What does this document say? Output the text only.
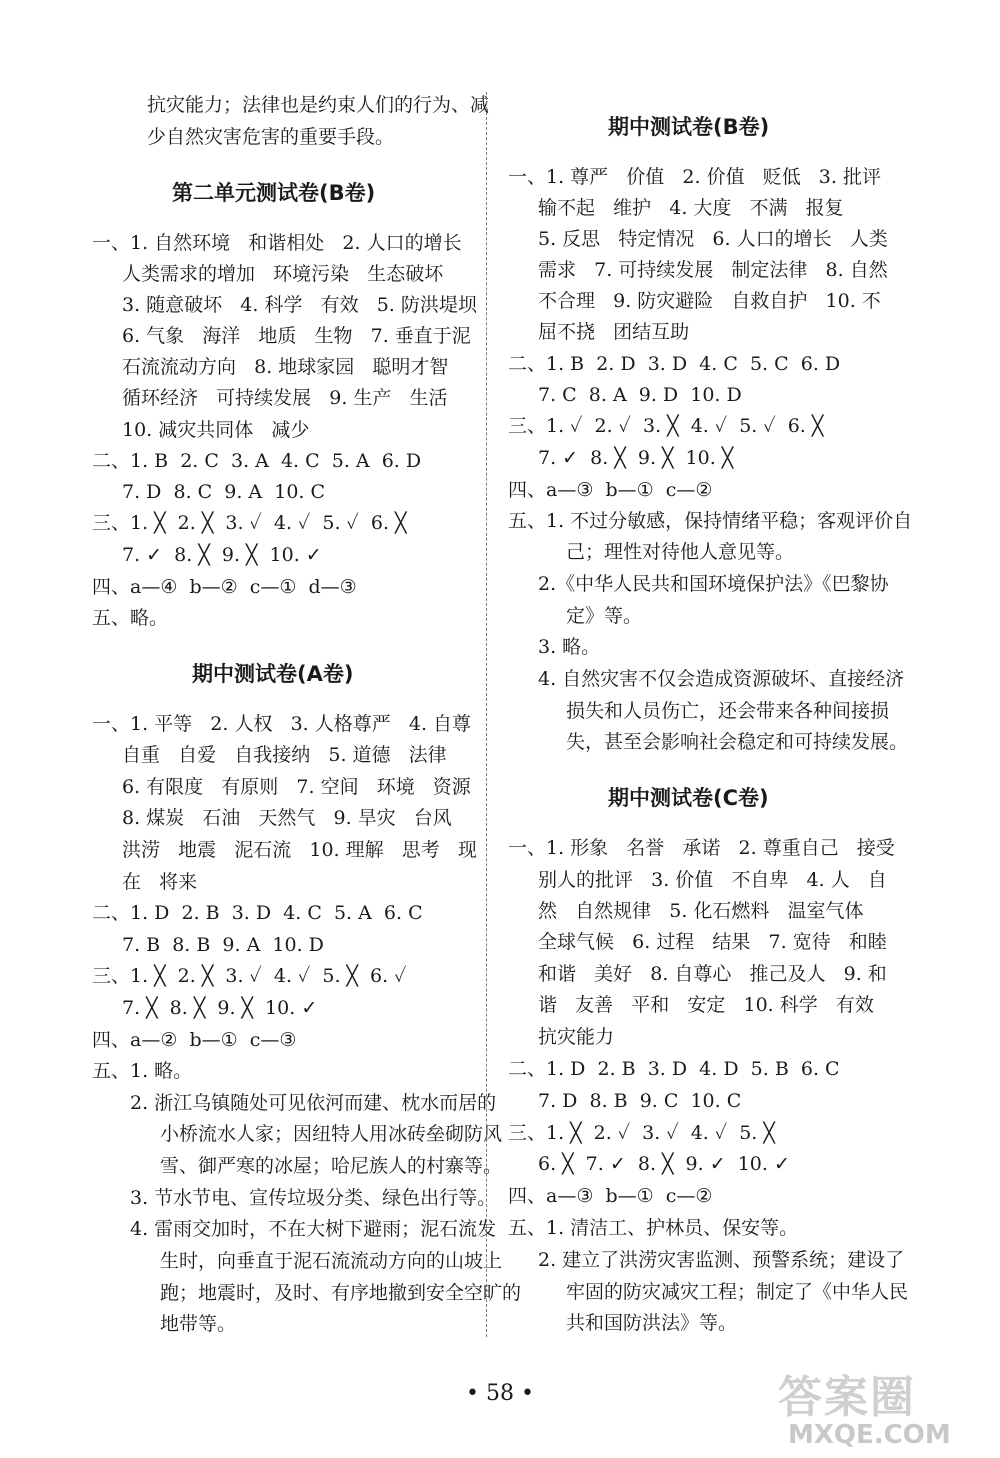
抗灾能力；法律也是约束人们的行为、减
少自然灾害危害的重要手段。
第二单元测试卷(B卷)
一、1. 自然环境   和谐相处   2. 人口的增长
人类需求的增加   环境污染   生态破坏
3. 随意破坏   4. 科学   有效   5. 防洪堤坝
6. 气象   海洋   地质   生物   7. 垂直于泥
石流流动方向   8. 地球家园   聪明才智
循环经济   可持续发展   9. 生产   生活
10. 减灾共同体   减少
二、1. B  2. C  3. A  4. C  5. A  6. D
7. D  8. C  9. A  10. C
三、1. ╳  2. ╳  3. ✓  4. ✓  5. ✓  6. ╳
7. ✓  8. ╳  9. ╳  10. ✓
四、a—④  b—②  c—①  d—③
五、略。
期中测试卷(A卷)
一、1. 平等   2. 人权   3. 人格尊严   4. 自尊
自重   自爱   自我接纳   5. 道德   法律
6. 有限度   有原则   7. 空间   环境   资源
8. 煤炭   石油   天然气   9. 旱灾   台风
洪涝   地震   泥石流   10. 理解   思考   现
在   将来
二、1. D  2. B  3. D  4. C  5. A  6. C
7. B  8. B  9. A  10. D
三、1. ╳  2. ╳  3. ✓  4. ✓  5. ╳  6. ✓
7. ╳  8. ╳  9. ╳  10. ✓
四、a—②  b—①  c—③
五、1. 略。
2. 浙江乌镇随处可见依河而建、枕水而居的
小桥流水人家；因纽特人用冰砖垒砌防风
雪、御严寒的冰屋；哈尼族人的村寨等。
3. 节水节电、宣传垃圾分类、绿色出行等。
4. 雷雨交加时，不在大树下避雨；泥石流发
生时，向垂直于泥石流流动方向的山坡上
跑；地震时，及时、有序地撤到安全空旷的
地带等。
期中测试卷(B卷)
一、1. 尊严   价值   2. 价值   贬低   3. 批评
输不起   维护   4. 大度   不满   报复
5. 反思   特定情况   6. 人口的增长   人类
需求   7. 可持续发展   制定法律   8. 自然
不合理   9. 防灾避险   自救自护   10. 不
屈不挠   团结互助
二、1. B  2. D  3. D  4. C  5. C  6. D
7. C  8. A  9. D  10. D
三、1. ✓  2. ✓  3. ╳  4. ✓  5. ✓  6. ╳
7. ✓  8. ╳  9. ╳  10. ╳
四、a—③  b—①  c—②
五、1. 不过分敏感，保持情绪平稳；客观评价自
己；理性对待他人意见等。
2.《中华人民共和国环境保护法》《巴黎协
定》等。
3. 略。
4. 自然灾害不仅会造成资源破坏、直接经济
损失和人员伤亡，还会带来各种间接损
失，甚至会影响社会稳定和可持续发展。
期中测试卷(C卷)
一、1. 形象   名誉   承诺   2. 尊重自己   接受
别人的批评   3. 价值   不自卑   4. 人   自
然   自然规律   5. 化石燃料   温室气体
全球气候   6. 过程   结果   7. 宽待   和睦
和谐   美好   8. 自尊心   推己及人   9. 和
谐   友善   平和   安定   10. 科学   有效
抗灾能力
二、1. D  2. B  3. D  4. D  5. B  6. C
7. D  8. B  9. C  10. C
三、1. ╳  2. ✓  3. ✓  4. ✓  5. ╳
6. ╳  7. ✓  8. ╳  9. ✓  10. ✓
四、a—③  b—①  c—②
五、1. 清洁工、护林员、保安等。
2. 建立了洪涝灾害监测、预警系统；建设了
牢固的防灾减灾工程；制定了《中华人民
共和国防洪法》等。
• 58 •	答案圈
MXQE.COM
